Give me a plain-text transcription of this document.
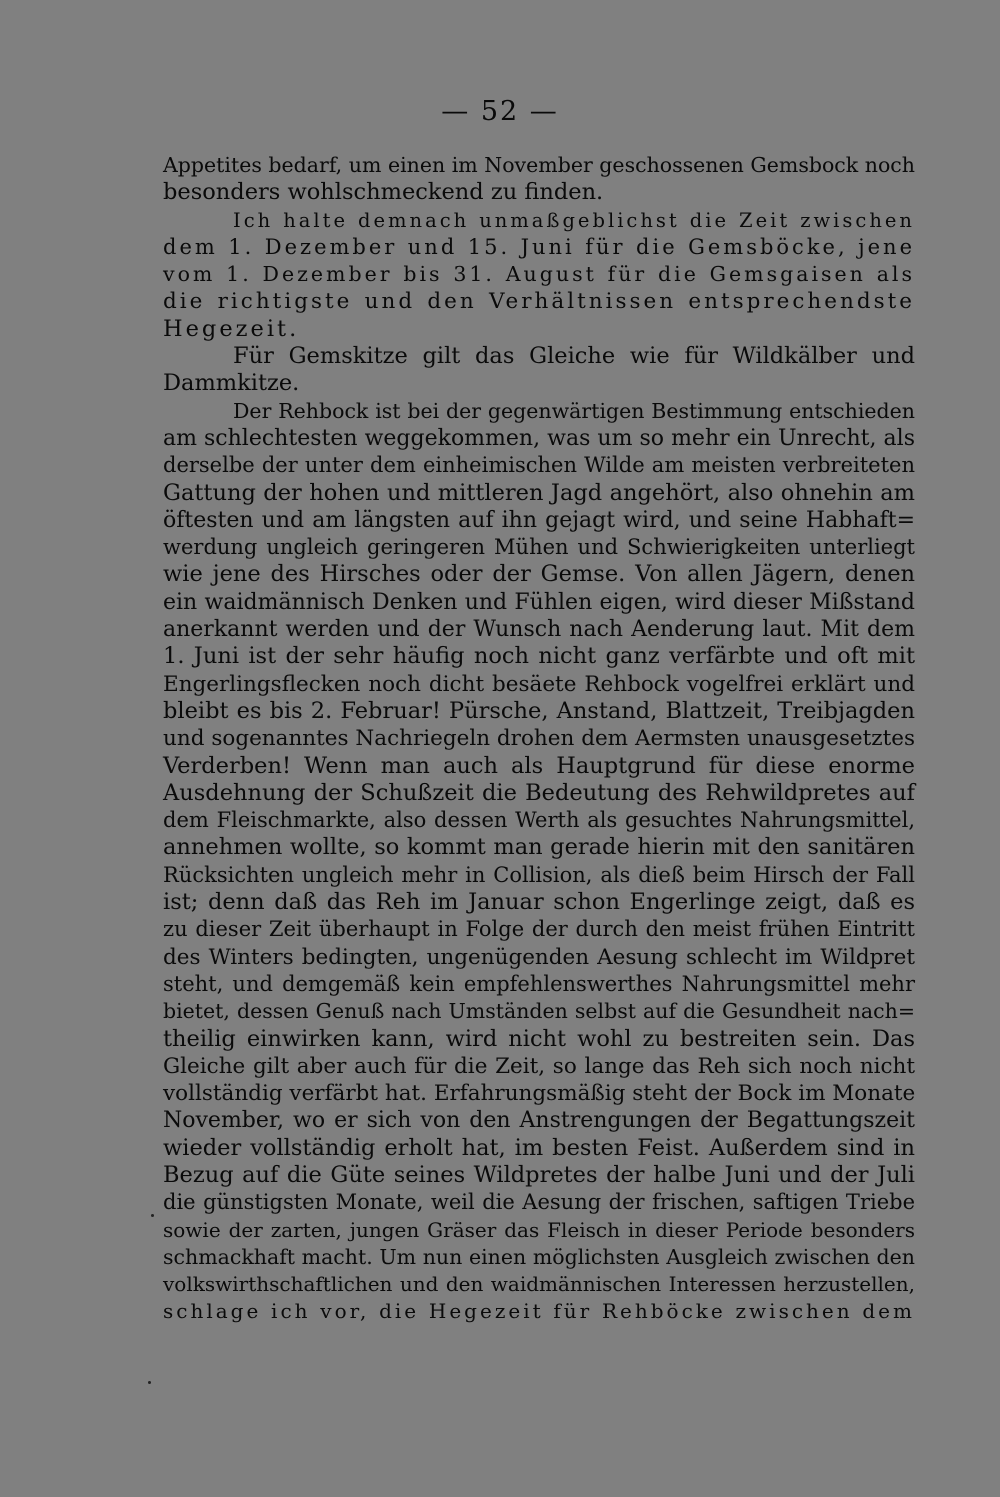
— 52 —
Appetites bedarf, um einen im November geschossenen Gemsbock noch
besonders wohlschmeckend zu finden.
Ich halte demnach unmaßgeblichst die Zeit zwischen
dem 1. Dezember und 15. Juni für die Gemsböcke, jene
vom 1. Dezember bis 31. August für die Gemsgaisen als
die richtigste und den Verhältnissen entsprechendste
Hegezeit.
Für Gemskitze gilt das Gleiche wie für Wildkälber und
Dammkitze.
Der Rehbock ist bei der gegenwärtigen Bestimmung entschieden
am schlechtesten weggekommen, was um so mehr ein Unrecht, als
derselbe der unter dem einheimischen Wilde am meisten verbreiteten
Gattung der hohen und mittleren Jagd angehört, also ohnehin am
öftesten und am längsten auf ihn gejagt wird, und seine Habhaft=
werdung ungleich geringeren Mühen und Schwierigkeiten unterliegt
wie jene des Hirsches oder der Gemse. Von allen Jägern, denen
ein waidmännisch Denken und Fühlen eigen, wird dieser Mißstand
anerkannt werden und der Wunsch nach Aenderung laut. Mit dem
1. Juni ist der sehr häufig noch nicht ganz verfärbte und oft mit
Engerlingsflecken noch dicht besäete Rehbock vogelfrei erklärt und
bleibt es bis 2. Februar! Pürsche, Anstand, Blattzeit, Treibjagden
und sogenanntes Nachriegeln drohen dem Aermsten unausgesetztes
Verderben! Wenn man auch als Hauptgrund für diese enorme
Ausdehnung der Schußzeit die Bedeutung des Rehwildpretes auf
dem Fleischmarkte, also dessen Werth als gesuchtes Nahrungsmittel,
annehmen wollte, so kommt man gerade hierin mit den sanitären
Rücksichten ungleich mehr in Collision, als dieß beim Hirsch der Fall
ist; denn daß das Reh im Januar schon Engerlinge zeigt, daß es
zu dieser Zeit überhaupt in Folge der durch den meist frühen Eintritt
des Winters bedingten, ungenügenden Aesung schlecht im Wildpret
steht, und demgemäß kein empfehlenswerthes Nahrungsmittel mehr
bietet, dessen Genuß nach Umständen selbst auf die Gesundheit nach=
theilig einwirken kann, wird nicht wohl zu bestreiten sein. Das
Gleiche gilt aber auch für die Zeit, so lange das Reh sich noch nicht
vollständig verfärbt hat. Erfahrungsmäßig steht der Bock im Monate
November, wo er sich von den Anstrengungen der Begattungszeit
wieder vollständig erholt hat, im besten Feist. Außerdem sind in
Bezug auf die Güte seines Wildpretes der halbe Juni und der Juli
die günstigsten Monate, weil die Aesung der frischen, saftigen Triebe
sowie der zarten, jungen Gräser das Fleisch in dieser Periode besonders
schmackhaft macht. Um nun einen möglichsten Ausgleich zwischen den
volkswirthschaftlichen und den waidmännischen Interessen herzustellen,
schlage ich vor, die Hegezeit für Rehböcke zwischen dem
